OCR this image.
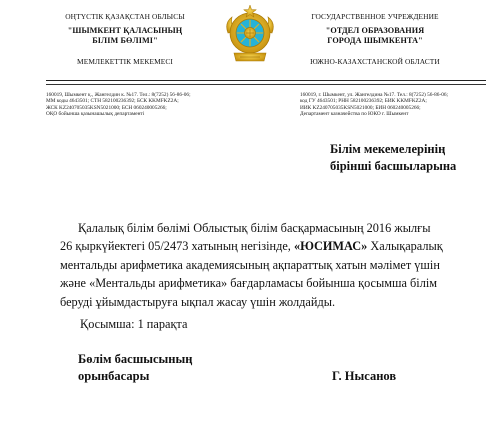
ОҢТҮСТІК ҚАЗАҚСТАН ОБЛЫСЫ
"ШЫМКЕНТ ҚАЛАСЫНЫҢ
БІЛІМ БӨЛІМІ"
МЕМЛЕКЕТТІК МЕКЕМЕСІ
ГОСУДАРСТВЕННОЕ УЧРЕЖДЕНИЕ
"ОТДЕЛ ОБРАЗОВАНИЯ
ГОРОДА ШЫМКЕНТА"
ЮЖНО-КАЗАХСТАНСКОЙ ОБЛАСТИ
160019, Шымкент қ., Жангелдин к. №17. Тел.: 8(7252) 56-86-06;
ММ коды 4643501; СТН 582100236392; БСК KKMFKZ2A;
ЖСК KZ240705035KSN5021000; БСН 060240005266;
ОҚО бойынша қазынашылық департаменті
160019, г. Шымкент, ул. Жангелдина №17. Тел.: 8(7252) 56-86-06;
код ГУ 4643501; РНН 582100236392; БИК KKMFKZ2A;
ИИК KZ240705035KSN5021000; БИН 060240005266;
Департамент казначейства по ЮКО г. Шымкент
Білім мекемелерінің
бірінші басшыларына
Қалалық білім бөлімі Облыстық білім басқармасының 2016 жылғы
26 қыркүйектегі 05/2473 хатының негізінде, «ЮСИМАС» Халықаралық
ментальды арифметика академиясының ақпараттық хатын мәлімет үшін
және «Ментальды арифметика» бағдарламасы бойынша қосымша білім
беруді ұйымдастыруға ықпал жасау үшін жолдайды.
Қосымша: 1 парақта
Бөлім басшысының
орынбасары	Г. Нысанов
